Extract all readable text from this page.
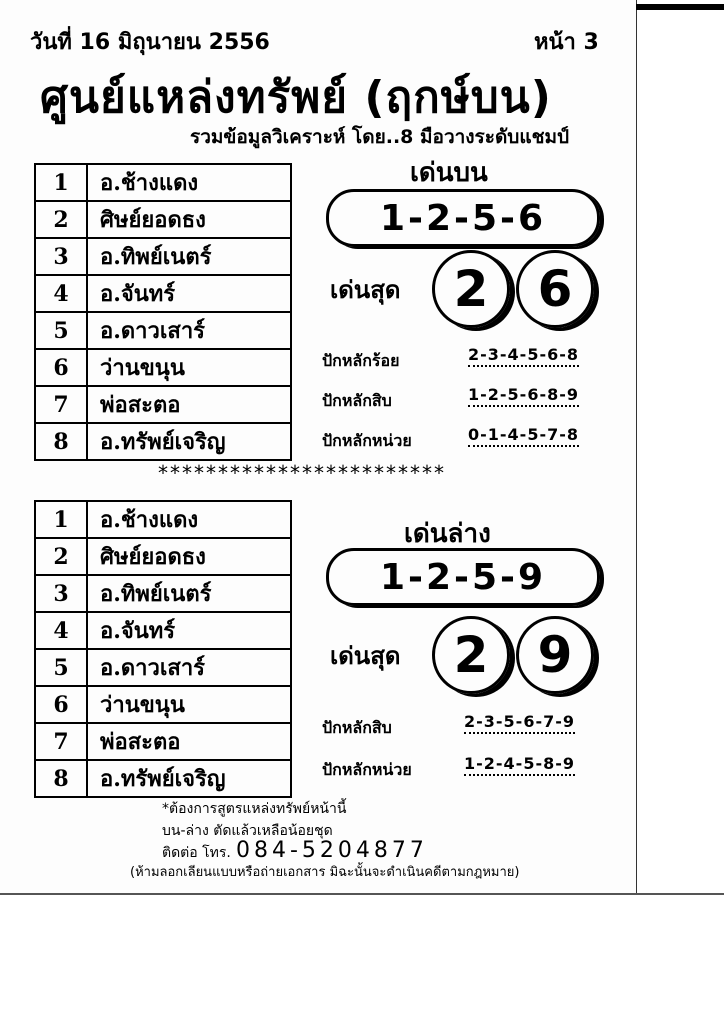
วันที่ 16 มิถุนายน 2556	หน้า 3
ศูนย์แหล่งทรัพย์ (ฤกษ์บน)
รวมข้อมูลวิเคราะห์ โดย..8 มือวางระดับแชมป์
1	อ.ช้างแดง
2	ศิษย์ยอดธง
3	อ.ทิพย์เนตร์
4	อ.จันทร์
5	อ.ดาวเสาร์
6	ว่านขนุน
7	พ่อสะตอ
8	อ.ทรัพย์เจริญ
เด่นบน
1-2-5-6
เด่นสุด	2 6
ปักหลักร้อย	2-3-4-5-6-8
ปักหลักสิบ	1-2-5-6-8-9
ปักหลักหน่วย	0-1-4-5-7-8
************************
1	อ.ช้างแดง
2	ศิษย์ยอดธง
3	อ.ทิพย์เนตร์
4	อ.จันทร์
5	อ.ดาวเสาร์
6	ว่านขนุน
7	พ่อสะตอ
8	อ.ทรัพย์เจริญ
เด่นล่าง
1-2-5-9
เด่นสุด	2 9
ปักหลักสิบ	2-3-5-6-7-9
ปักหลักหน่วย	1-2-4-5-8-9
*ต้องการสูตรแหล่งทรัพย์หน้านี้
บน-ล่าง ตัดแล้วเหลือน้อยชุด
ติดต่อ โทร. 084-5204877
(ห้ามลอกเลียนแบบหรือถ่ายเอกสาร มิฉะนั้นจะดำเนินคดีตามกฎหมาย)
